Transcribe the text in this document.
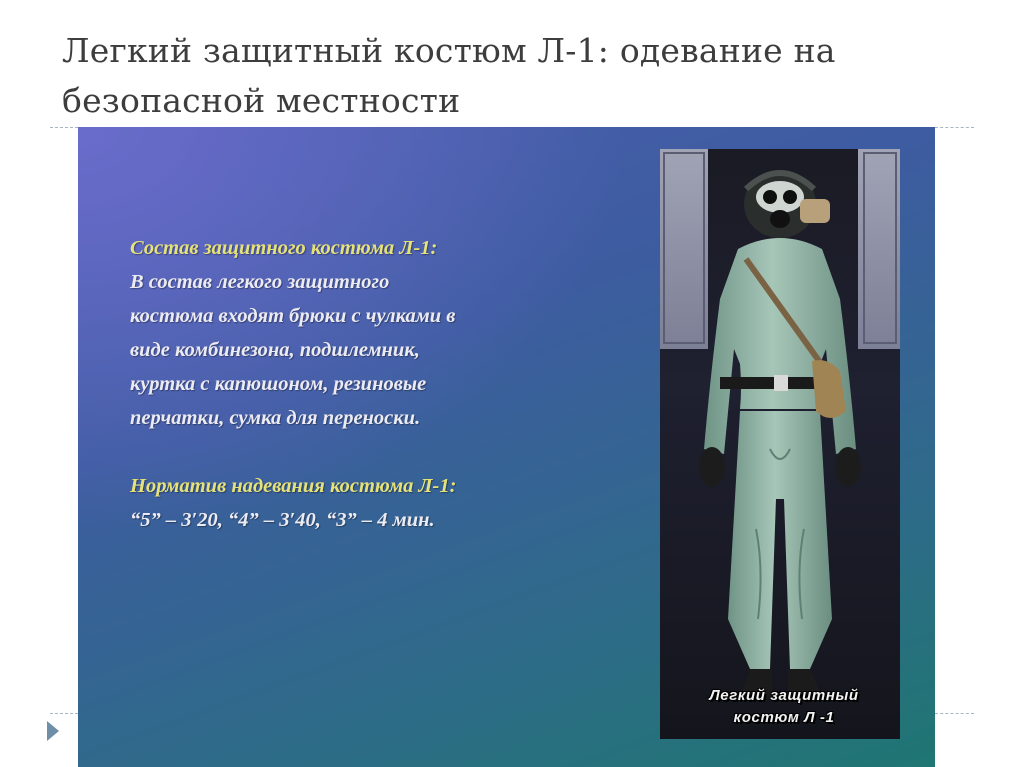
Легкий защитный костюм Л-1: одевание на безопасной местности
Состав защитного костюма Л-1:
В состав легкого защитного
костюма входят брюки с чулками в
виде комбинезона, подшлемник,
куртка с капюшоном, резиновые
перчатки, сумка для переноски.
Норматив надевания костюма Л-1:
“5” – 3′20, “4” – 3′40, “3” – 4 мин.
Легкий защитный
костюм Л -1
